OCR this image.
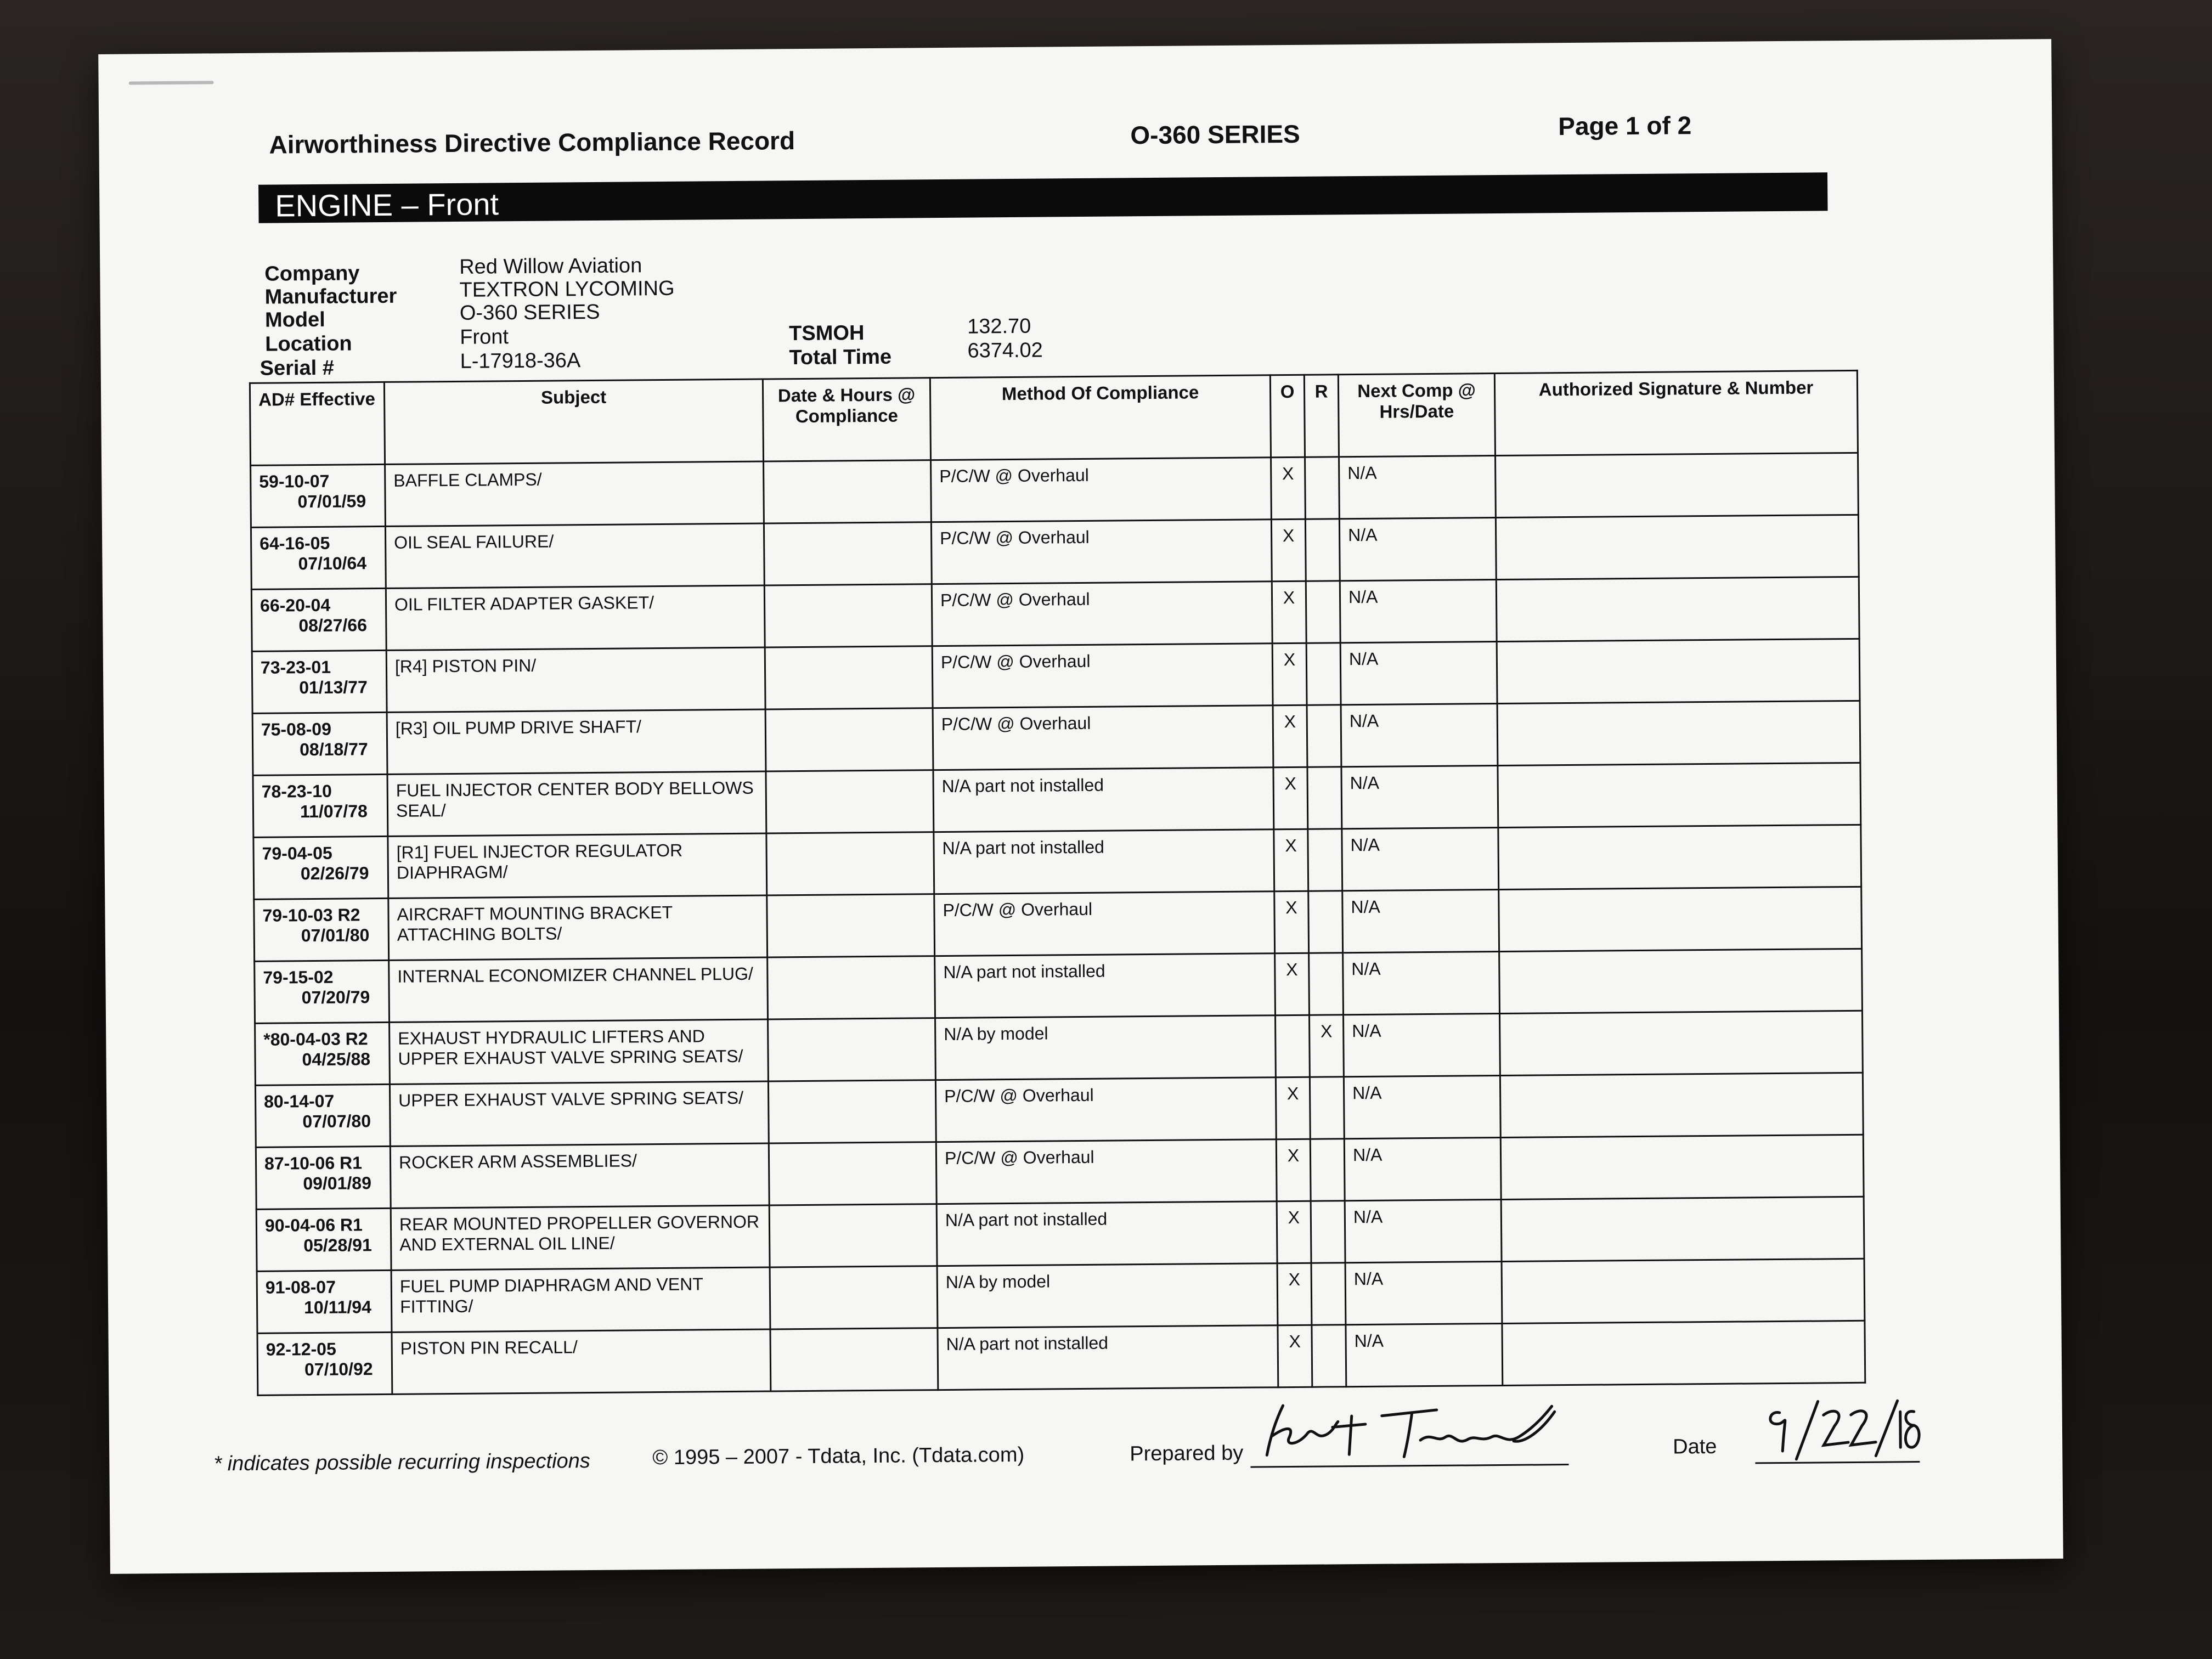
Airworthiness Directive Compliance Record	O-360 SERIES	Page 1 of 2
ENGINE – Front
Company	Red Willow Aviation
Manufacturer	TEXTRON LYCOMING
Model	O-360 SERIES
Location	Front
Serial #	L-17918-36A
TSMOH	132.70
Total Time	6374.02
AD# Effective	Subject	Date & Hours @ Compliance	Method Of Compliance	O	R	Next Comp @ Hrs/Date	Authorized Signature & Number

59-10-07
07/01/59	BAFFLE CLAMPS/		P/C/W @ Overhaul	X		N/A	

64-16-05
07/10/64	OIL SEAL FAILURE/		P/C/W @ Overhaul	X		N/A	

66-20-04
08/27/66	OIL FILTER ADAPTER GASKET/		P/C/W @ Overhaul	X		N/A	

73-23-01
01/13/77	[R4] PISTON PIN/		P/C/W @ Overhaul	X		N/A	

75-08-09
08/18/77	[R3] OIL PUMP DRIVE SHAFT/		P/C/W @ Overhaul	X		N/A	

78-23-10
11/07/78	FUEL INJECTOR CENTER BODY BELLOWS SEAL/		N/A part not installed	X		N/A	

79-04-05
02/26/79	[R1] FUEL INJECTOR REGULATOR DIAPHRAGM/		N/A part not installed	X		N/A	

79-10-03 R2
07/01/80	AIRCRAFT MOUNTING BRACKET ATTACHING BOLTS/		P/C/W @ Overhaul	X		N/A	

79-15-02
07/20/79	INTERNAL ECONOMIZER CHANNEL PLUG/		N/A part not installed	X		N/A	

*80-04-03 R2
04/25/88	EXHAUST HYDRAULIC LIFTERS AND UPPER EXHAUST VALVE SPRING SEATS/		N/A by model		X	N/A	

80-14-07
07/07/80	UPPER EXHAUST VALVE SPRING SEATS/		P/C/W @ Overhaul	X		N/A	

87-10-06 R1
09/01/89	ROCKER ARM ASSEMBLIES/		P/C/W @ Overhaul	X		N/A	

90-04-06 R1
05/28/91	REAR MOUNTED PROPELLER GOVERNOR AND EXTERNAL OIL LINE/		N/A part not installed	X		N/A	

91-08-07
10/11/94	FUEL PUMP DIAPHRAGM AND VENT FITTING/		N/A by model	X		N/A	

92-12-05
07/10/92	PISTON PIN RECALL/		N/A part not installed	X		N/A	
* indicates possible recurring inspections	© 1995 – 2007 - Tdata, Inc. (Tdata.com)	Prepared by	Date
